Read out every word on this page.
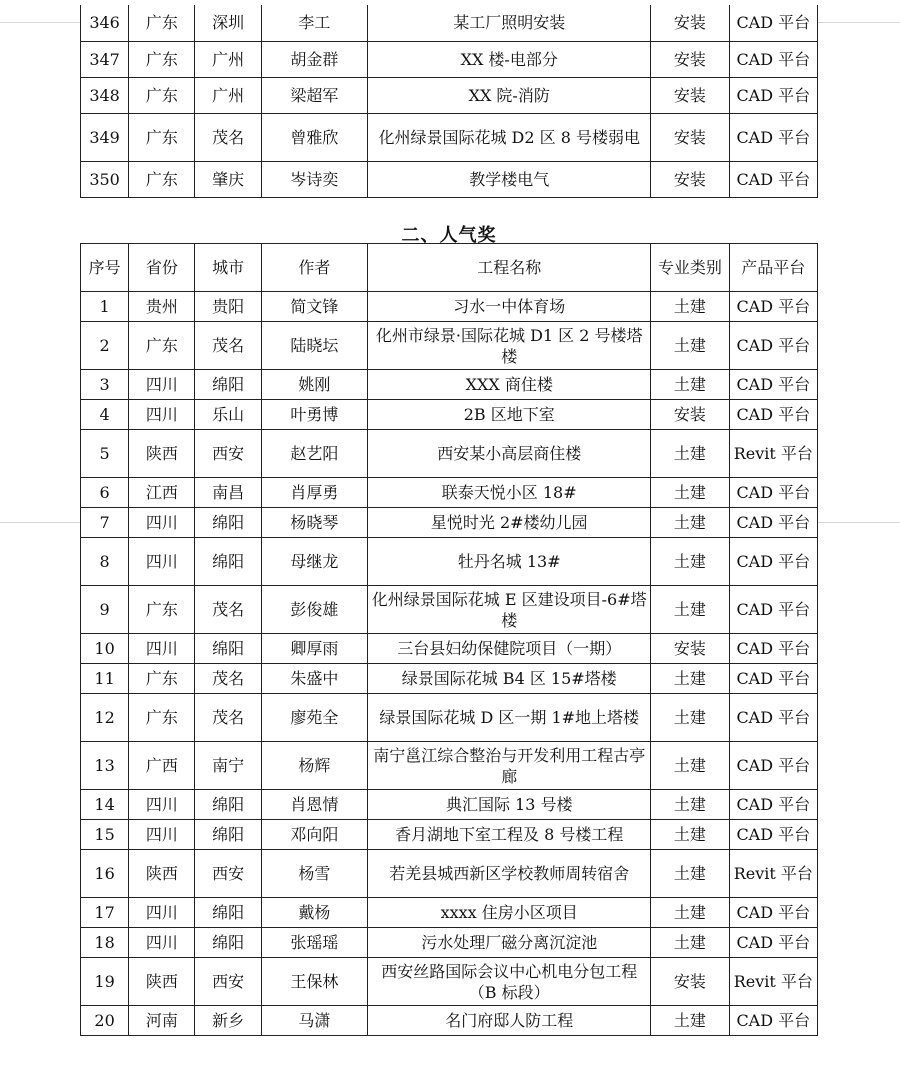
346	广东	深圳	李工	某工厂照明安装	安装	CAD 平台
347	广东	广州	胡金群	XX 楼-电部分	安装	CAD 平台
348	广东	广州	梁超军	XX 院-消防	安装	CAD 平台
349	广东	茂名	曾雅欣	化州绿景国际花城 D2 区 8 号楼弱电	安装	CAD 平台
350	广东	肇庆	岑诗奕	教学楼电气	安装	CAD 平台
二、人气奖
序号	省份	城市	作者	工程名称	专业类别	产品平台
1	贵州	贵阳	简文锋	习水一中体育场	土建	CAD 平台
2	广东	茂名	陆晓坛	化州市绿景·国际花城 D1 区 2 号楼塔楼	土建	CAD 平台
3	四川	绵阳	姚刚	XXX 商住楼	土建	CAD 平台
4	四川	乐山	叶勇博	2B 区地下室	安装	CAD 平台
5	陕西	西安	赵艺阳	西安某小高层商住楼	土建	Revit 平台
6	江西	南昌	肖厚勇	联泰天悦小区 18#	土建	CAD 平台
7	四川	绵阳	杨晓琴	星悦时光 2#楼幼儿园	土建	CAD 平台
8	四川	绵阳	母继龙	牡丹名城 13#	土建	CAD 平台
9	广东	茂名	彭俊雄	化州绿景国际花城 E 区建设项目-6#塔楼	土建	CAD 平台
10	四川	绵阳	卿厚雨	三台县妇幼保健院项目（一期）	安装	CAD 平台
11	广东	茂名	朱盛中	绿景国际花城 B4 区 15#塔楼	土建	CAD 平台
12	广东	茂名	廖苑全	绿景国际花城 D 区一期 1#地上塔楼	土建	CAD 平台
13	广西	南宁	杨辉	南宁邕江综合整治与开发利用工程古亭廊	土建	CAD 平台
14	四川	绵阳	肖恩情	典汇国际 13 号楼	土建	CAD 平台
15	四川	绵阳	邓向阳	香月湖地下室工程及 8 号楼工程	土建	CAD 平台
16	陕西	西安	杨雪	若羌县城西新区学校教师周转宿舍	土建	Revit 平台
17	四川	绵阳	戴杨	xxxx 住房小区项目	土建	CAD 平台
18	四川	绵阳	张瑶瑶	污水处理厂磁分离沉淀池	土建	CAD 平台
19	陕西	西安	王保林	西安丝路国际会议中心机电分包工程（B 标段）	安装	Revit 平台
20	河南	新乡	马潇	名门府邸人防工程	土建	CAD 平台
